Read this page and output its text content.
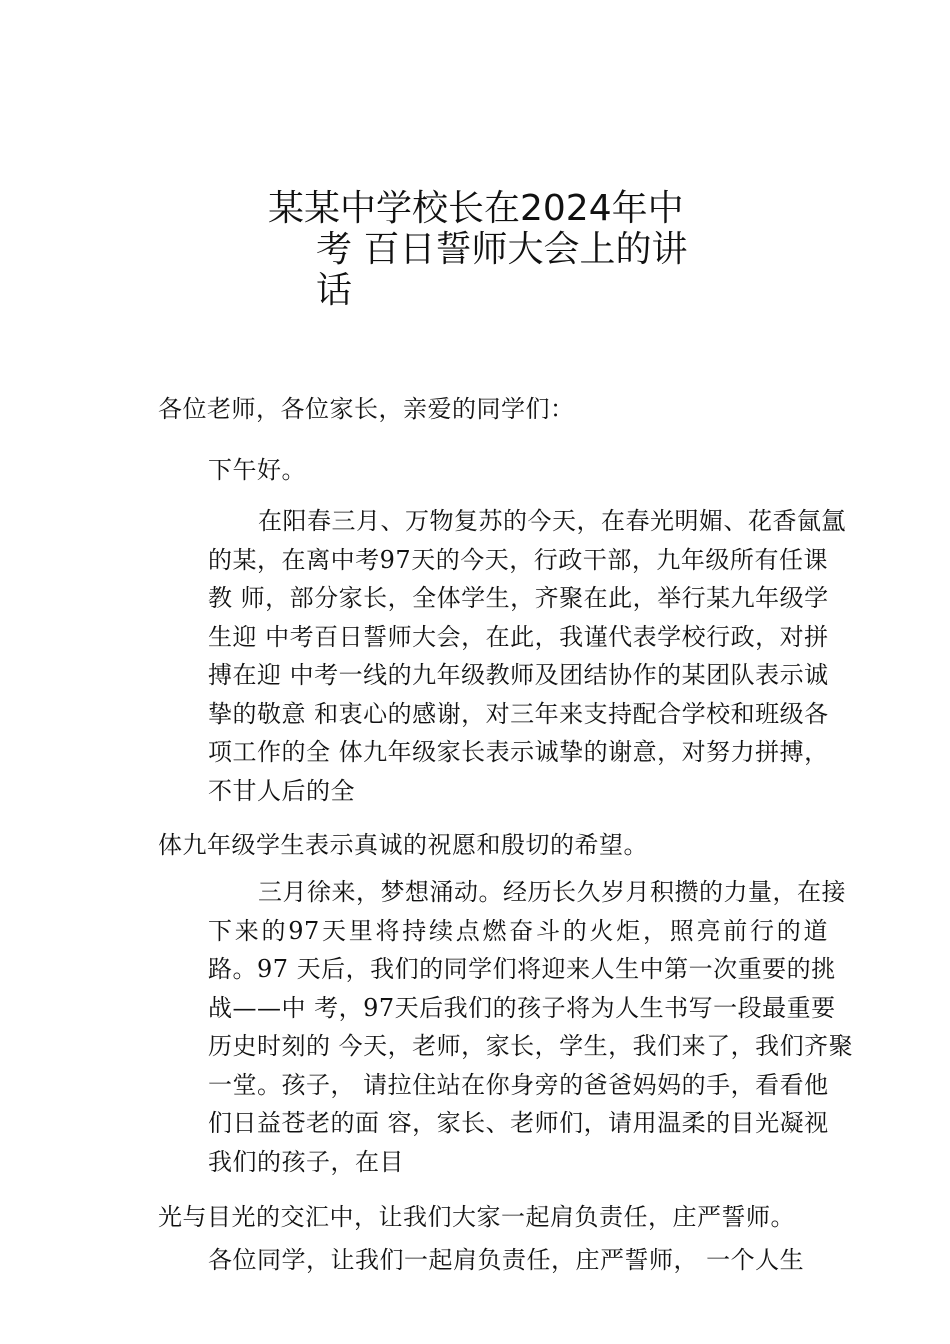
某某中学校长在2024年中
考 百日誓师大会上的讲
话
各位老师，各位家长，亲爱的同学们：
下午好。
在阳春三月、万物复苏的今天，在春光明媚、花香氤氲
的某，在离中考97天的今天，行政干部，九年级所有任课
教 师，部分家长，全体学生，齐聚在此，举行某九年级学
生迎 中考百日誓师大会，在此，我谨代表学校行政，对拼
搏在迎 中考一线的九年级教师及团结协作的某团队表示诚
挚的敬意 和衷心的感谢，对三年来支持配合学校和班级各
项工作的全 体九年级家长表示诚挚的谢意，对努力拼搏，
不甘人后的全
体九年级学生表示真诚的祝愿和殷切的希望。
三月徐来，梦想涌动。经历长久岁月积攒的力量，在接
下来的97天里将持续点燃奋斗的火炬，照亮前行的道
路。97 天后，我们的同学们将迎来人生中第一次重要的挑
战——中 考，97天后我们的孩子将为人生书写一段最重要
历史时刻的 今天，老师，家长，学生，我们来了，我们齐聚
一堂。孩子， 请拉住站在你身旁的爸爸妈妈的手，看看他
们日益苍老的面 容，家长、老师们，请用温柔的目光凝视
我们的孩子，在目
光与目光的交汇中，让我们大家一起肩负责任，庄严誓师。
各位同学，让我们一起肩负责任，庄严誓师， 一个人生
